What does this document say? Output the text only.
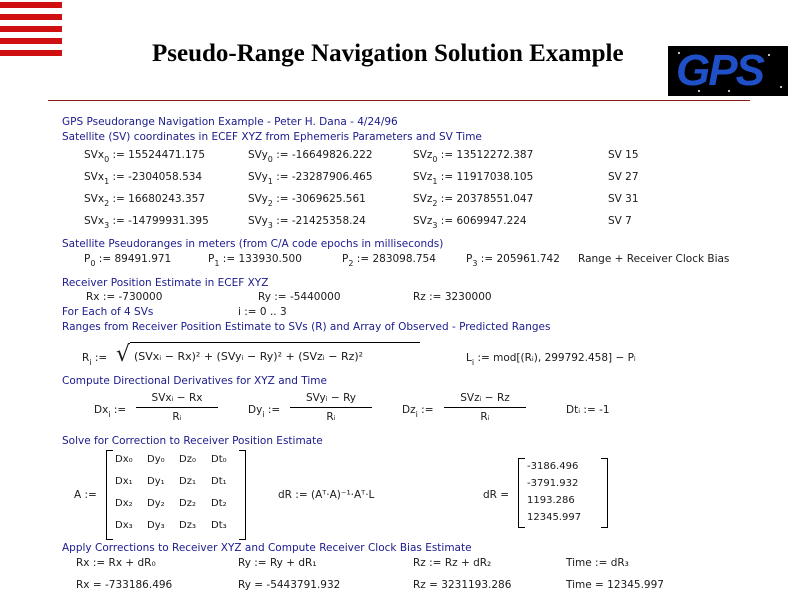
Pseudo-Range Navigation Solution Example	GPS
GPS Pseudorange Navigation Example - Peter H. Dana - 4/24/96
Satellite (SV) coordinates in ECEF XYZ from Ephemeris Parameters and SV Time
SVx$_0$ := 15524471.175	SVy$_0$ := -16649826.222	SVz$_0$ := 13512272.387	SV 15
SVx$_1$ := -2304058.534	SVy$_1$ := -23287906.465	SVz$_1$ := 11917038.105	SV 27
SVx$_2$ := 16680243.357	SVy$_2$ := -3069625.561	SVz$_2$ := 20378551.047	SV 31
SVx$_3$ := -14799931.395	SVy$_3$ := -21425358.24	SVz$_3$ := 6069947.224	SV 7
Satellite Pseudoranges in meters (from C/A code epochs in milliseconds)
$P_0$ := 89491.971	$P_1$ := 133930.500	$P_2$ := 283098.754	$P_3$ := 205961.742 Range + Receiver Clock Bias
Receiver Position Estimate in ECEF XYZ
Rx := -730000	Ry := -5440000	Rz := 3230000
For Each of 4 SVs	i := 0 .. 3
Ranges from Receiver Position Estimate to SVs (R) and Array of Observed - Predicted Ranges
$R_i$ := √ (SVxᵢ − Rx)² + (SVyᵢ − Ry)² + (SVzᵢ − Rz)²	$L_i$ := mod[(Rᵢ), 299792.458] − Pᵢ
Compute Directional Derivatives for XYZ and Time
$Dx_i$ :=
SVxᵢ − Rx
Rᵢ
$Dy_i$ :=
SVyᵢ − Ry
Rᵢ
$Dz_i$ :=
SVzᵢ − Rz
Rᵢ
Dtᵢ := -1
Solve for Correction to Receiver Position Estimate
A :=
Dx₀ Dy₀ Dz₀ Dt₀
Dx₁ Dy₁ Dz₁ Dt₁
Dx₂ Dy₂ Dz₂ Dt₂
Dx₃ Dy₃ Dz₃ Dt₃
dR := (Aᵀ·A)⁻¹·Aᵀ·L	dR =
-3186.496
-3791.932
1193.286
12345.997
Apply Corrections to Receiver XYZ and Compute Receiver Clock Bias Estimate
Rx := Rx + dR₀	Ry := Ry + dR₁	Rz := Rz + dR₂	Time := dR₃
Rx = -733186.496	Ry = -5443791.932	Rz = 3231193.286	Time = 12345.997
